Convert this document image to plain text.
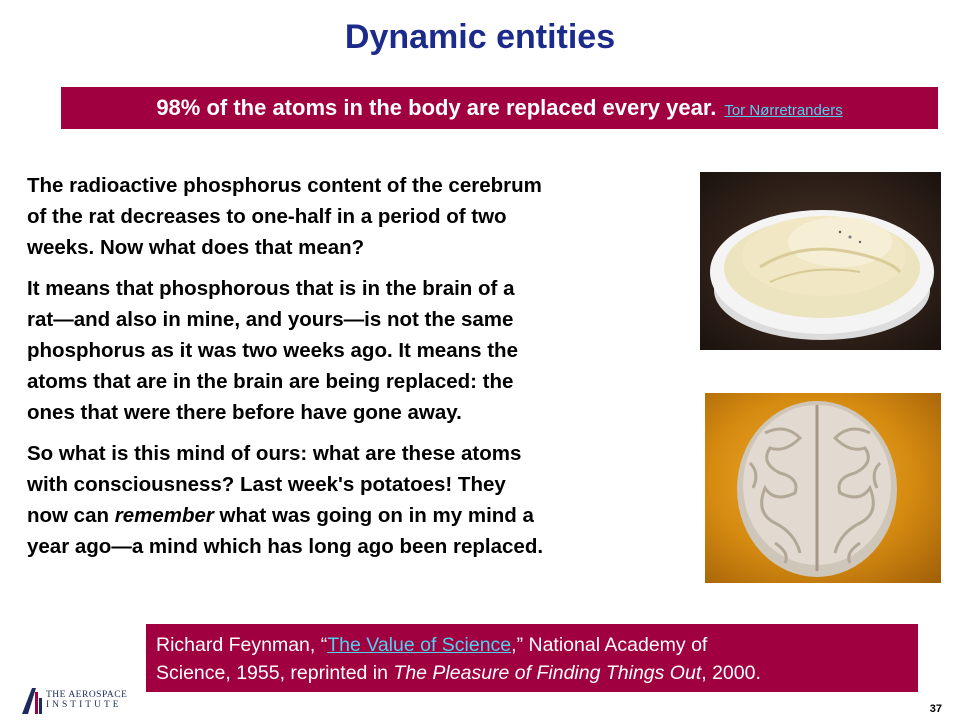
Dynamic entities
98% of the atoms in the body are replaced every year. Tor Nørretranders

The radioactive phosphorus content of the cerebrum
of the rat decreases to one-half in a period of two
weeks. Now what does that mean?

It means that phosphorous that is in the brain of a
rat—and also in mine, and yours—is not the same
phosphorus as it was two weeks ago. It means the
atoms that are in the brain are being replaced: the
ones that were there before have gone away.

So what is this mind of ours: what are these atoms
with consciousness? Last week's potatoes! They
now can remember what was going on in my mind a
year ago—a mind which has long ago been replaced.

Richard Feynman, “The Value of Science,” National Academy of
Science, 1955, reprinted in The Pleasure of Finding Things Out, 2000.
THE AEROSPACE
INSTITUTE	37
